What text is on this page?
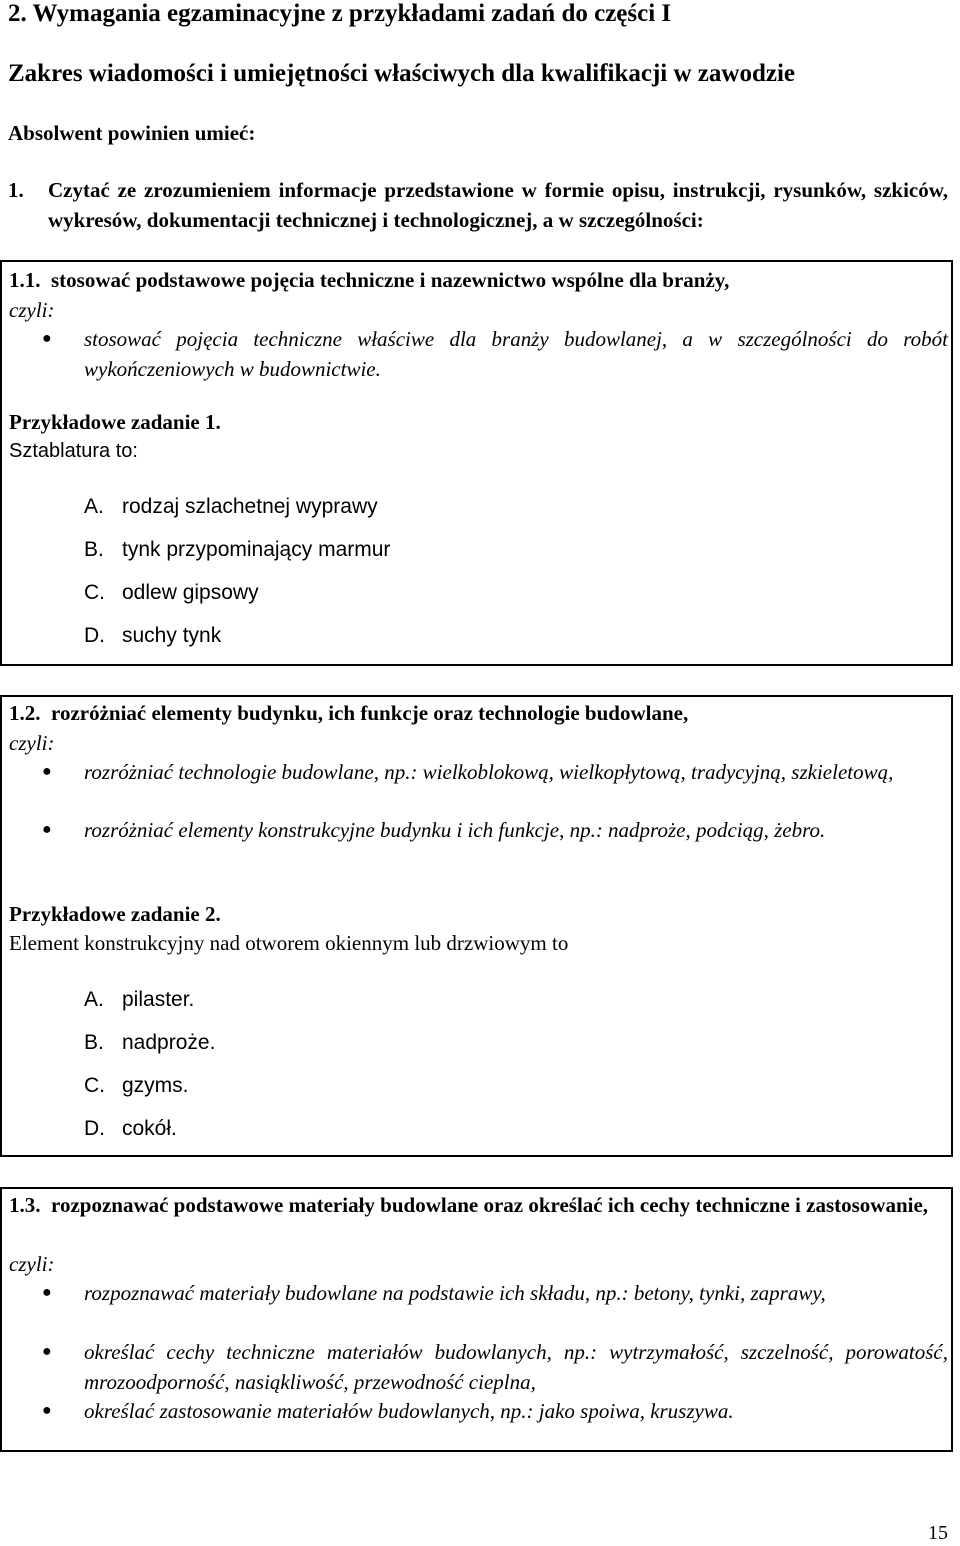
2. Wymagania egzaminacyjne z przykładami zadań do części I
Zakres wiadomości i umiejętności właściwych dla kwalifikacji w zawodzie
Absolwent powinien umieć:
1. Czytać ze zrozumieniem informacje przedstawione w formie opisu, instrukcji, rysunków, szkiców, wykresów, dokumentacji technicznej i technologicznej, a w szczególności:
1.1. stosować podstawowe pojęcia techniczne i nazewnictwo wspólne dla branży,
czyli:
● stosować pojęcia techniczne właściwe dla branży budowlanej, a w szczególności do robót wykończeniowych w budownictwie.
Przykładowe zadanie 1.
Sztablatura to:
A. rodzaj szlachetnej wyprawy
B. tynk przypominający marmur
C. odlew gipsowy
D. suchy tynk
1.2. rozróżniać elementy budynku, ich funkcje oraz technologie budowlane,
czyli:
● rozróżniać technologie budowlane, np.: wielkoblokową, wielkopłytową, tradycyjną, szkieletową,
● rozróżniać elementy konstrukcyjne budynku i ich funkcje, np.: nadproże, podciąg, żebro.
Przykładowe zadanie 2.
Element konstrukcyjny nad otworem okiennym lub drzwiowym to
A. pilaster.
B. nadproże.
C. gzyms.
D. cokół.
1.3. rozpoznawać podstawowe materiały budowlane oraz określać ich cechy techniczne i zastosowanie,
czyli:
● rozpoznawać materiały budowlane na podstawie ich składu, np.: betony, tynki, zaprawy,
● określać cechy techniczne materiałów budowlanych, np.: wytrzymałość, szczelność, porowatość, mrozoodporność, nasiąkliwość, przewodność cieplna,
● określać zastosowanie materiałów budowlanych, np.: jako spoiwa, kruszywa.
15
